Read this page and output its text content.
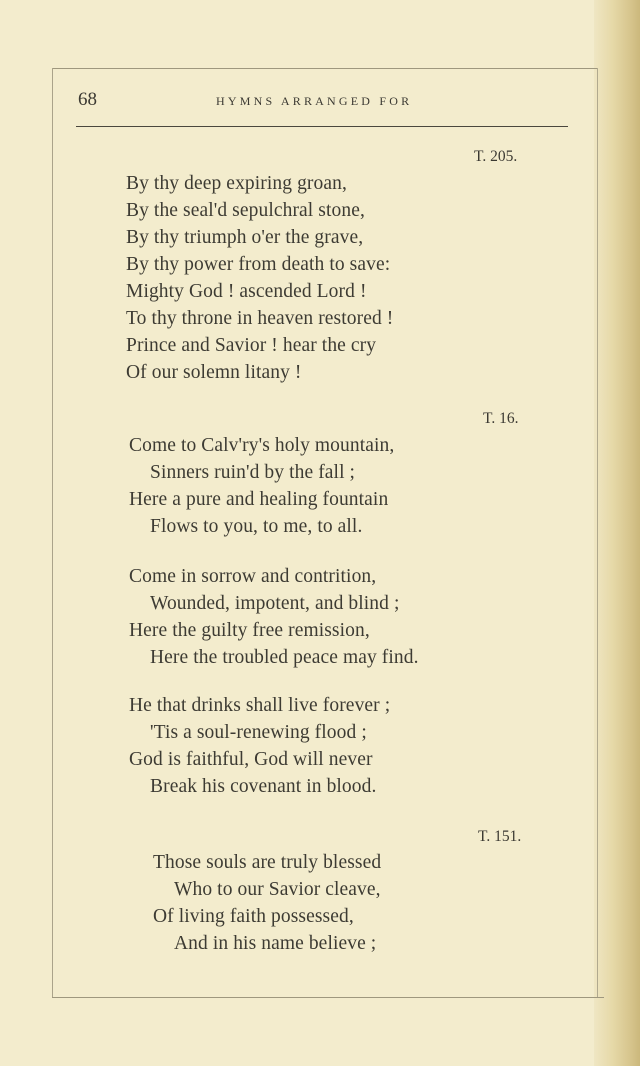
68	HYMNS ARRANGED FOR
T. 205.
By thy deep expiring groan,
By the seal'd sepulchral stone,
By thy triumph o'er the grave,
By thy power from death to save:
Mighty God ! ascended Lord !
To thy throne in heaven restored !
Prince and Savior ! hear the cry
Of our solemn litany !
T. 16.
Come to Calv'ry's holy mountain,
Sinners ruin'd by the fall ;
Here a pure and healing fountain
Flows to you, to me, to all.
Come in sorrow and contrition,
Wounded, impotent, and blind ;
Here the guilty free remission,
Here the troubled peace may find.
He that drinks shall live forever ;
'Tis a soul-renewing flood ;
God is faithful, God will never
Break his covenant in blood.
T. 151.
Those souls are truly blessed
Who to our Savior cleave,
Of living faith possessed,
And in his name believe ;
